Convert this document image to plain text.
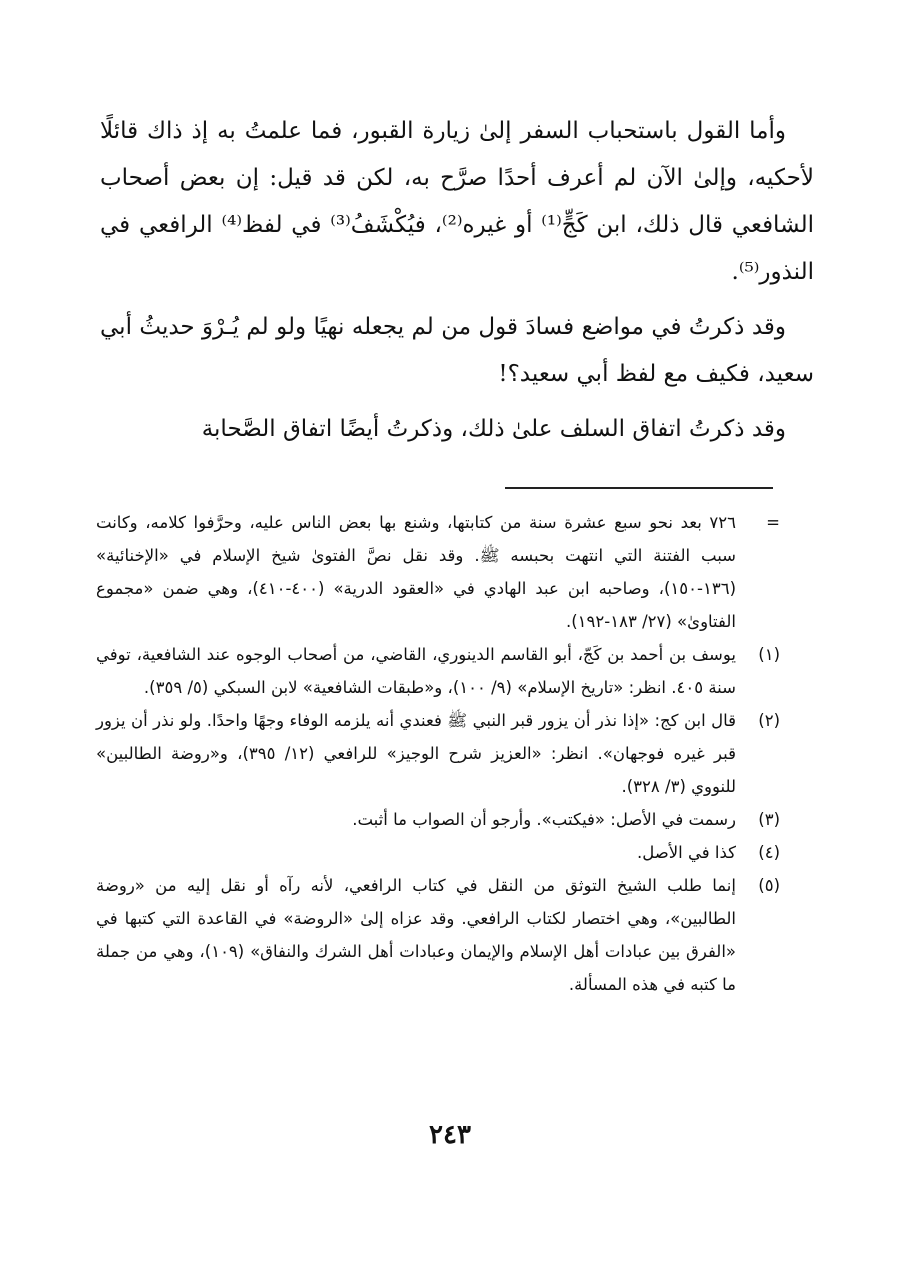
وأما القول باستحباب السفر إلىٰ زيارة القبور، فما علمتُ به إذ ذاك قائلًا لأحكيه، وإلىٰ الآن لم أعرف أحدًا صرَّح به، لكن قد قيل: إن بعض أصحاب الشافعي قال ذلك، ابن كَجٍّ⁽¹⁾ أو غيره⁽²⁾، فيُكْشَفُ⁽³⁾ في لفظ⁽⁴⁾ الرافعي في النذور⁽⁵⁾.

وقد ذكرتُ في مواضع فسادَ قول من لم يجعله نهيًا ولو لم يُـرْوَ حديثُ أبي سعيد، فكيف مع لفظ أبي سعيد؟!

وقد ذكرتُ اتفاق السلف علىٰ ذلك، وذكرتُ أيضًا اتفاق الصَّحابة

=
٧٢٦ بعد نحو سبع عشرة سنة من كتابتها، وشنع بها بعض الناس عليه، وحرَّفوا كلامه، وكانت سبب الفتنة التي انتهت بحبسه ﷺ. وقد نقل نصَّ الفتوىٰ شيخ الإسلام في «الإخنائية» (١٣٦-١٥٠)، وصاحبه ابن عبد الهادي في «العقود الدرية» (٤٠٠-٤١٠)، وهي ضمن «مجموع الفتاوىٰ» (٢٧/ ١٨٣-١٩٢).
(١)
يوسف بن أحمد بن كَجّ، أبو القاسم الدينوري، القاضي، من أصحاب الوجوه عند الشافعية، توفي سنة ٤٠٥. انظر: «تاريخ الإسلام» (٩/ ١٠٠)، و«طبقات الشافعية» لابن السبكي (٥/ ٣٥٩).
(٢)
قال ابن كج: «إذا نذر أن يزور قبر النبي ﷺ فعندي أنه يلزمه الوفاء وجهًا واحدًا. ولو نذر أن يزور قبر غيره فوجهان». انظر: «العزيز شرح الوجيز» للرافعي (١٢/ ٣٩٥)، و«روضة الطالبين» للنووي (٣/ ٣٢٨).
(٣)
رسمت في الأصل: «فيكتب». وأرجو أن الصواب ما أثبت.
(٤)
كذا في الأصل.
(٥)
إنما طلب الشيخ التوثق من النقل في كتاب الرافعي، لأنه رآه أو نقل إليه من «روضة الطالبين»، وهي اختصار لكتاب الرافعي. وقد عزاه إلىٰ «الروضة» في القاعدة التي كتبها في «الفرق بين عبادات أهل الإسلام والإيمان وعبادات أهل الشرك والنفاق» (١٠٩)، وهي من جملة ما كتبه في هذه المسألة.
٢٤٣
